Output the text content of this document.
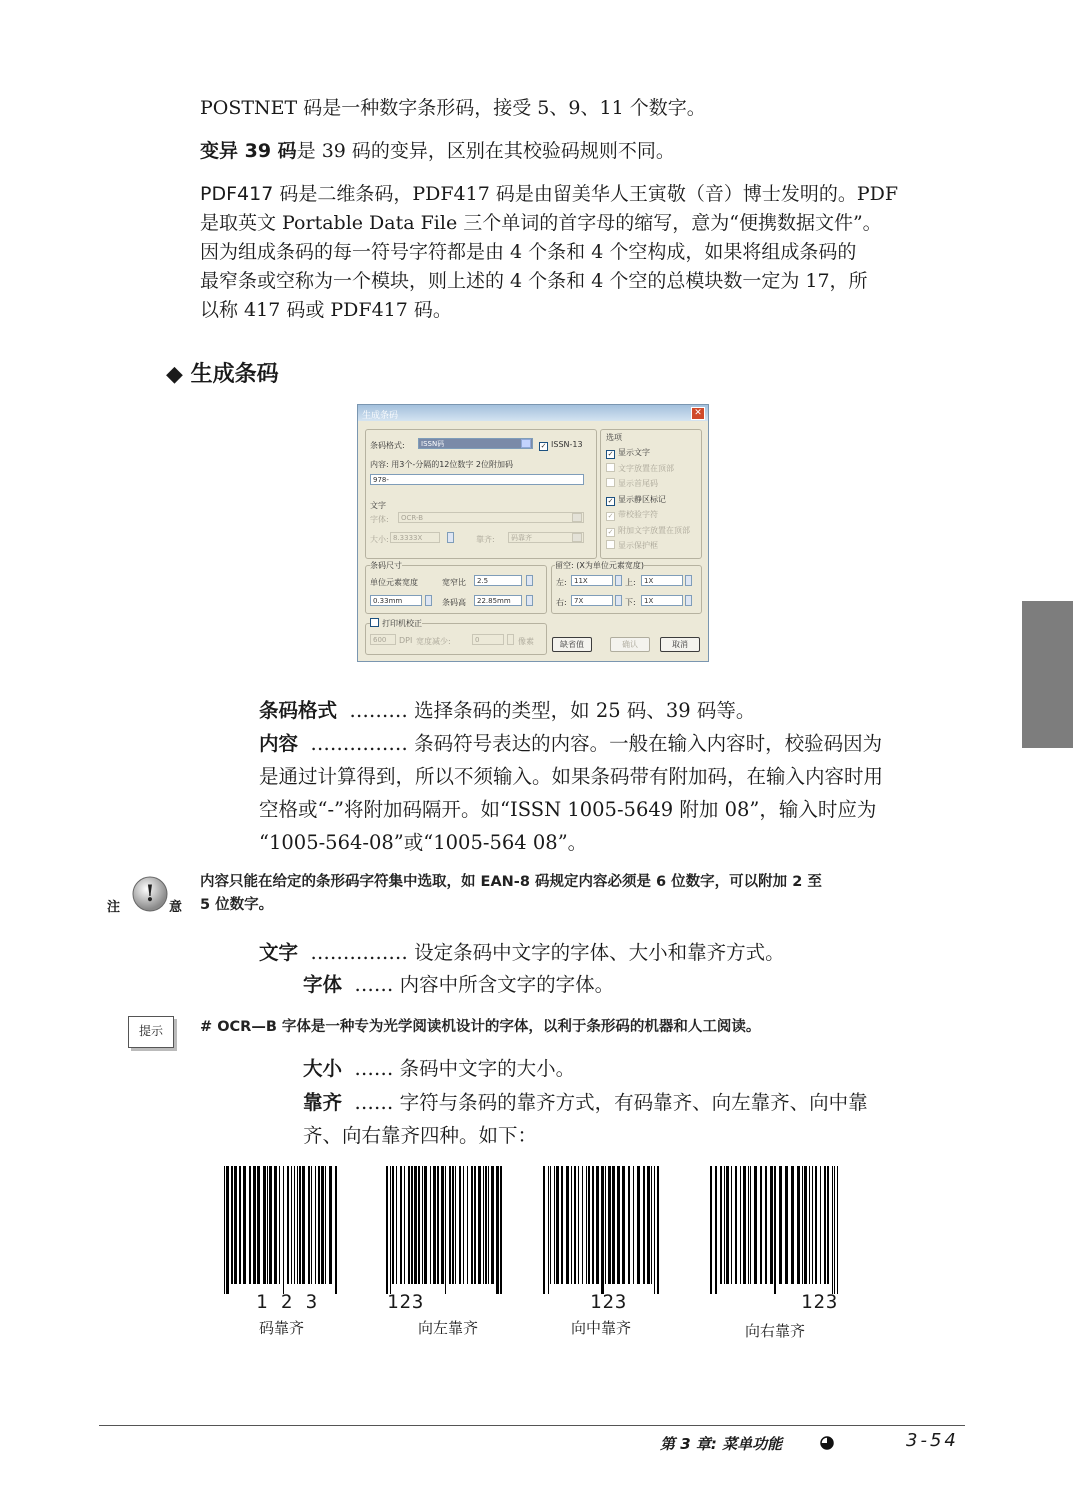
POSTNET 码是一种数字条形码，接受 5、9、11 个数字。
变异 39 码是 39 码的变异，区别在其校验码规则不同。
PDF417 码是二维条码，PDF417 码是由留美华人王寅敬（音）博士发明的。PDF
是取英文 Portable Data File 三个单词的首字母的缩写，意为“便携数据文件”。
因为组成条码的每一符号字符都是由 4 个条和 4 个空构成，如果将组成条码的
最窄条或空称为一个模块，则上述的 4 个条和 4 个空的总模块数一定为 17，所
以称 417 码或 PDF417 码。
◆ 生成条码
生成条码	✕
条码格式:	ISSN码	✓ ISSN-13
内容: 用3个-分隔的12位数字 2位附加码
978-
文字
字体:	OCR-B
大小: 8.3333X	靠齐:	码靠齐
选项
✓ 显示文字
文字放置在顶部
显示首尾码
✓ 显示静区标记
✓ 带校验字符
✓ 附加文字放置在顶部
显示保护框
条码尺寸
单位元素宽度	宽窄比	2.5
0.33mm	条码高	22.85mm
留空: (X为单位元素宽度)
左:	11X	上:	1X
右:	7X	下:	1X
打印机校正
600	DPI 宽度减少:	0	像素	缺省值	确认	取消
条码格式 ……… 选择条码的类型，如 25 码、39 码等。
内容 …………… 条码符号表达的内容。一般在输入内容时，校验码因为
是通过计算得到，所以不须输入。如果条码带有附加码，在输入内容时用
空格或“-”将附加码隔开。如“ISSN 1005-5649 附加 08”，输入时应为
“1005-564-08”或“1005-564 08”。
!
注	意
内容只能在给定的条形码字符集中选取，如 EAN-8 码规定内容必须是 6 位数字，可以附加 2 至
5 位数字。
文字 …………… 设定条码中文字的字体、大小和靠齐方式。
字体 …… 内容中所含文字的字体。
提示	# OCR—B 字体是一种专为光学阅读机设计的字体，以利于条形码的机器和人工阅读。
大小 …… 条码中文字的大小。
靠齐 …… 字符与条码的靠齐方式，有码靠齐、向左靠齐、向中靠
齐、向右靠齐四种。如下：
1 2 3	123	123	123
码靠齐	向左靠齐	向中靠齐	向右靠齐
第 3 章: 菜单功能	3-54
